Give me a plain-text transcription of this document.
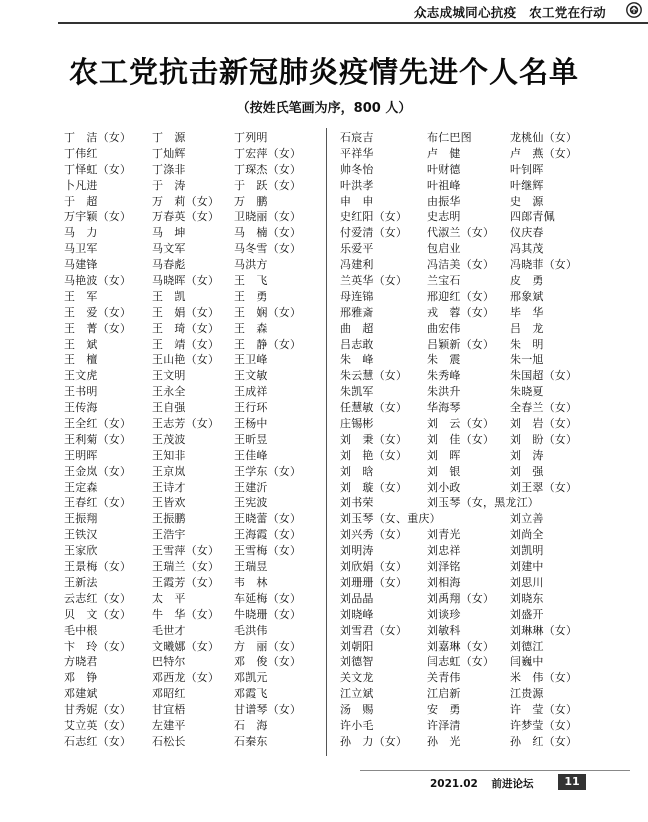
众志成城同心抗疫　农工党在行动
农工党抗击新冠肺炎疫情先进个人名单
（按姓氏笔画为序，800 人）
丁　洁（女）
丁伟红
丁怿虹（女）
卜凡进
于　超
万宇颖（女）
马　力
马卫军
马建锋
马艳波（女）
王　军
王　爱（女）
王　菁（女）
王　斌
王　檀
王文虎
王书明
王传海
王全红（女）
王利菊（女）
王明晖
王金岚（女）
王定森
王春红（女）
王振翔
王铁汉
王家欣
王景梅（女）
王新法
云志红（女）
贝　文（女）
毛中根
卞　玲（女）
方晓君
邓　铮
邓建斌
甘秀妮（女）
艾立英（女）
石志红（女）
丁　源
丁灿辉
丁涤非
于　涛
万　莉（女）
万春英（女）
马　坤
马文军
马春彪
马晓晖（女）
王　凯
王　娟（女）
王　琦（女）
王　靖（女）
王山艳（女）
王文明
王永全
王自强
王志芳（女）
王茂波
王知非
王京岚
王诗才
王皆欢
王振鹏
王浩宇
王雪萍（女）
王瑞兰（女）
王霞芳（女）
太　平
牛　华（女）
毛世才
文曦娜（女）
巴特尔
邓西龙（女）
邓昭红
甘宜梧
左建平
石松长
丁列明
丁宏萍（女）
丁琛杰（女）
于　跃（女）
万　鹏
卫晓丽（女）
马　楠（女）
马冬雪（女）
马洪方
王　飞
王　勇
王　娴（女）
王　森
王　静（女）
王卫峰
王文敏
王成祥
王行环
王杨中
王昕昱
王佳峰
王学东（女）
王建沂
王宪波
王晓蕾（女）
王海霞（女）
王雪梅（女）
王瑞昱
韦　林
车延梅（女）
牛晓珊（女）
毛洪伟
方　丽（女）
邓　俊（女）
邓凯元
邓霞飞
甘谱琴（女）
石　海
石秦东
石宸吉
平祥华
帅冬怡
叶洪孝
申　申
史红阳（女）
付爱清（女）
乐爱平
冯建利
兰英华（女）
母连锦
邢雅斎
曲　超
吕志敢
朱　峰
朱云慧（女）
朱凯军
任慧敏（女）
庄锡彬
刘　秉（女）
刘　艳（女）
刘　晗
刘　璇（女）
刘书荣
刘玉琴（女、重庆）
刘兴秀（女）
刘明涛
刘欣娟（女）
刘珊珊（女）
刘品晶
刘晓峰
刘雪君（女）
刘朝阳
刘德智
关文龙
江立斌
汤　赐
许小毛
孙　力（女）
布仁巴图
卢　健
叶财德
叶祖峰
由振华
史志明
代淑兰（女）
包启业
冯洁美（女）
兰宝石
邢迎红（女）
戎　蓉（女）
曲宏伟
吕颖新（女）
朱　震
朱秀峰
朱洪升
华海琴
刘　云（女）
刘　佳（女）
刘　晖
刘　银
刘小政
刘玉琴（女，黑龙江）
刘青光
刘忠祥
刘泽铭
刘相海
刘禹翔（女）
刘谈珍
刘敏科
刘嘉琳（女）
闫志虹（女）
关青伟
江启新
安　勇
许泽清
孙　光
龙桃仙（女）
卢　燕（女）
叶钊晖
叶继辉
史　源
四郎青佩
仪庆春
冯其茂
冯晓菲（女）
皮　勇
邢象斌
毕　华
吕　龙
朱　明
朱一旭
朱国超（女）
朱晓夏
全春兰（女）
刘　岩（女）
刘　盼（女）
刘　涛
刘　强
刘王翠（女）
刘立善
刘尚全
刘凯明
刘建中
刘思川
刘晓东
刘盛开
刘琳琳（女）
刘德江
闫巍中
米　伟（女）
江贵源
许　莹（女）
许梦莹（女）
孙　红（女）
2021.02 前进论坛	11
